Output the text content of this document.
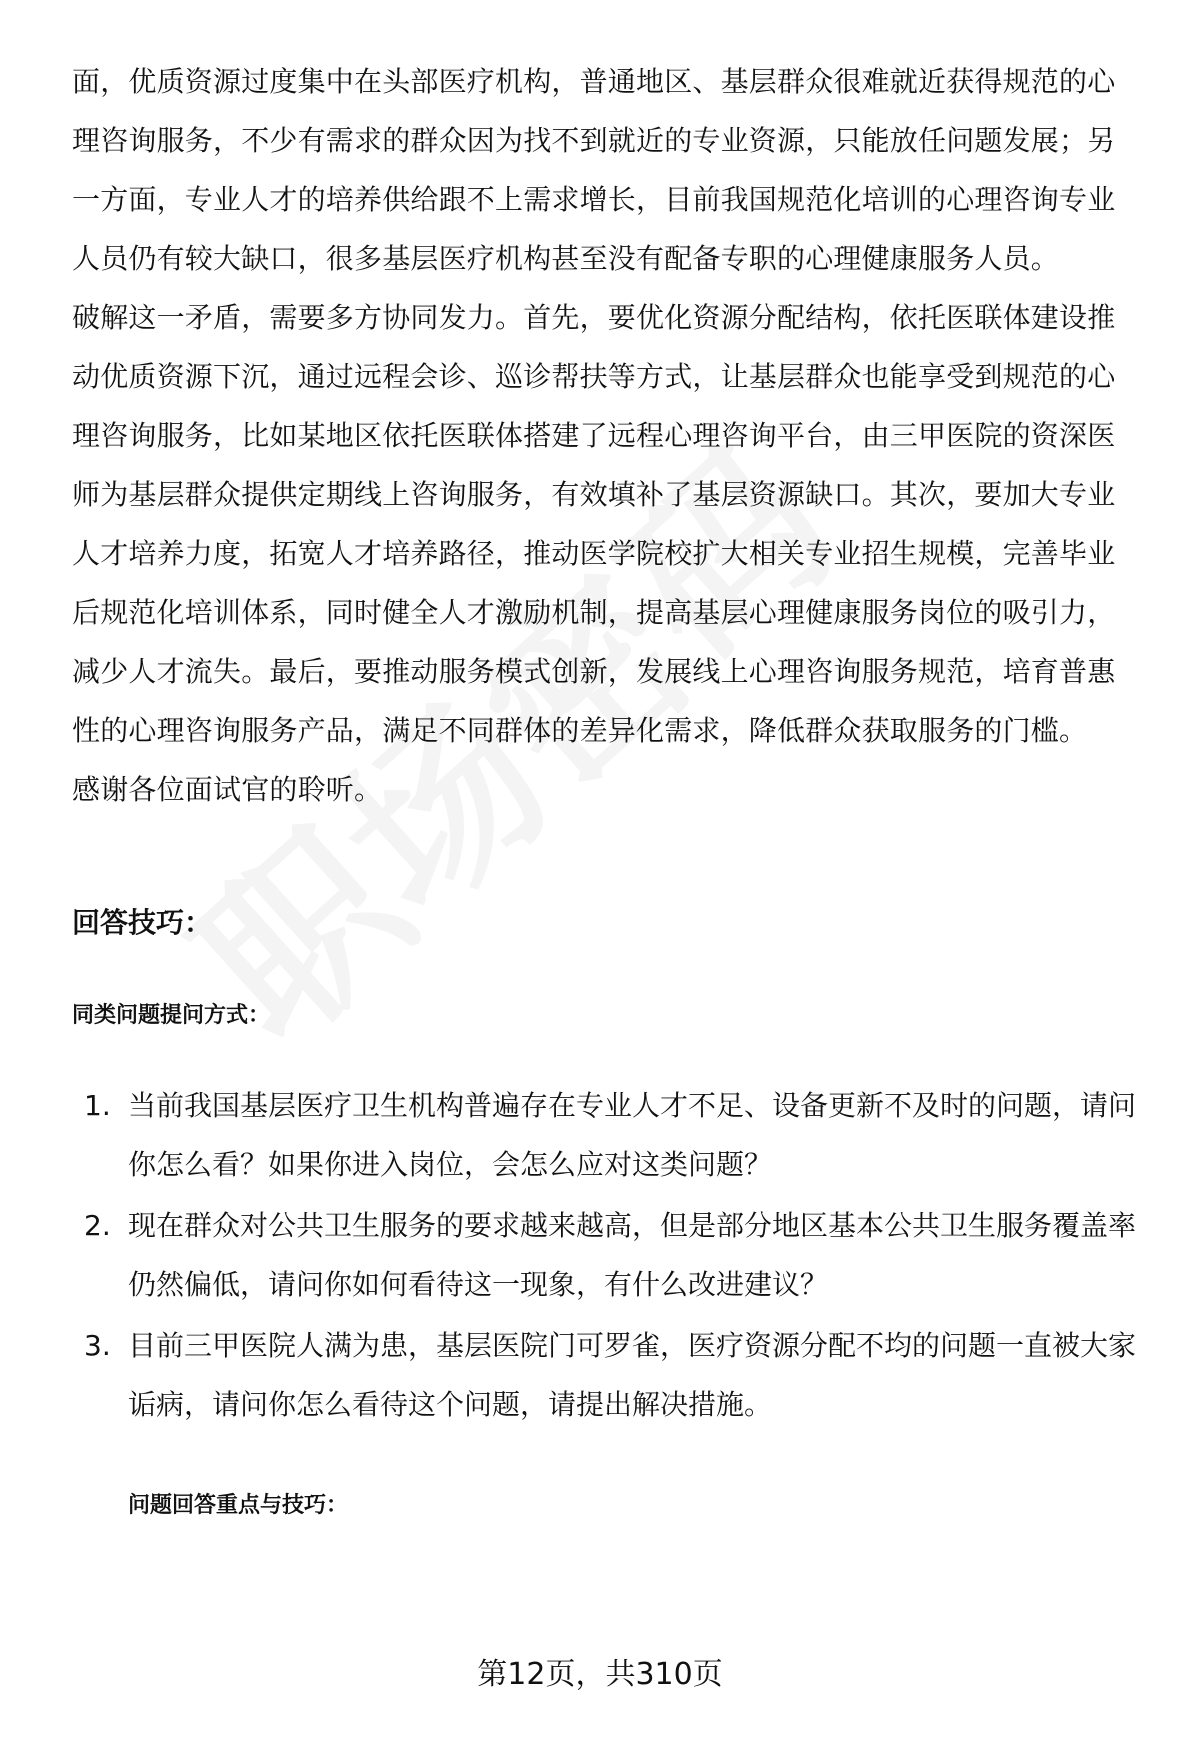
面，优质资源过度集中在头部医疗机构，普通地区、基层群众很难就近获得规范的心理咨询服务，不少有需求的群众因为找不到就近的专业资源，只能放任问题发展；另一方面，专业人才的培养供给跟不上需求增长，目前我国规范化培训的心理咨询专业人员仍有较大缺口，很多基层医疗机构甚至没有配备专职的心理健康服务人员。

破解这一矛盾，需要多方协同发力。首先，要优化资源分配结构，依托医联体建设推动优质资源下沉，通过远程会诊、巡诊帮扶等方式，让基层群众也能享受到规范的心理咨询服务，比如某地区依托医联体搭建了远程心理咨询平台，由三甲医院的资深医师为基层群众提供定期线上咨询服务，有效填补了基层资源缺口。其次，要加大专业人才培养力度，拓宽人才培养路径，推动医学院校扩大相关专业招生规模，完善毕业后规范化培训体系，同时健全人才激励机制，提高基层心理健康服务岗位的吸引力，减少人才流失。最后，要推动服务模式创新，发展线上心理咨询服务规范，培育普惠性的心理咨询服务产品，满足不同群体的差异化需求，降低群众获取服务的门槛。

感谢各位面试官的聆听。

回答技巧：
同类问题提问方式：
1. 当前我国基层医疗卫生机构普遍存在专业人才不足、设备更新不及时的问题，请问你怎么看？如果你进入岗位，会怎么应对这类问题？
2. 现在群众对公共卫生服务的要求越来越高，但是部分地区基本公共卫生服务覆盖率仍然偏低，请问你如何看待这一现象，有什么改进建议？
3. 目前三甲医院人满为患，基层医院门可罗雀，医疗资源分配不均的问题一直被大家诟病，请问你怎么看待这个问题，请提出解决措施。
问题回答重点与技巧：
第12页，共310页
